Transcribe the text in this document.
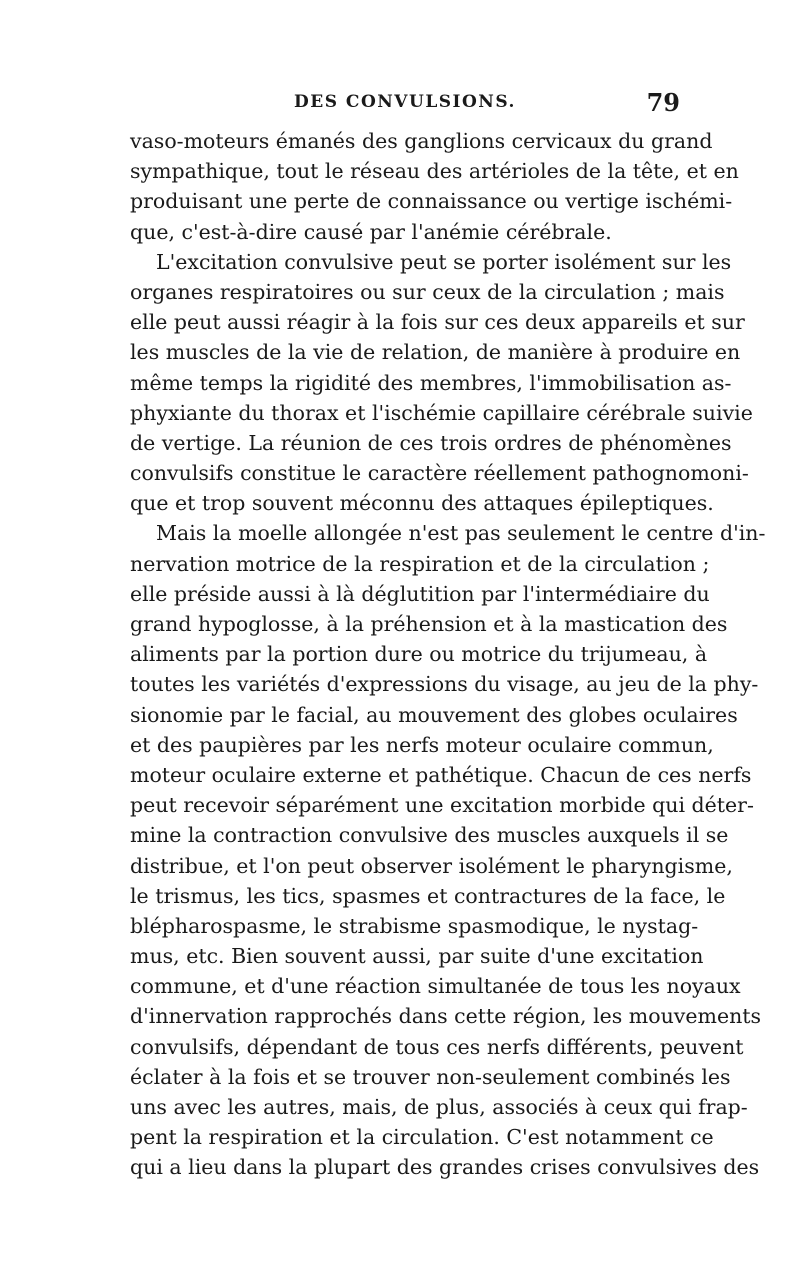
DES CONVULSIONS.	79
vaso-moteurs émanés des ganglions cervicaux du grand
sympathique, tout le réseau des artérioles de la tête, et en
produisant une perte de connaissance ou vertige ischémi-
que, c'est-à-dire causé par l'anémie cérébrale.
L'excitation convulsive peut se porter isolément sur les
organes respiratoires ou sur ceux de la circulation ; mais
elle peut aussi réagir à la fois sur ces deux appareils et sur
les muscles de la vie de relation, de manière à produire en
même temps la rigidité des membres, l'immobilisation as-
phyxiante du thorax et l'ischémie capillaire cérébrale suivie
de vertige. La réunion de ces trois ordres de phénomènes
convulsifs constitue le caractère réellement pathognomoni-
que et trop souvent méconnu des attaques épileptiques.
Mais la moelle allongée n'est pas seulement le centre d'in-
nervation motrice de la respiration et de la circulation ;
elle préside aussi à là déglutition par l'intermédiaire du
grand hypoglosse, à la préhension et à la mastication des
aliments par la portion dure ou motrice du trijumeau, à
toutes les variétés d'expressions du visage, au jeu de la phy-
sionomie par le facial, au mouvement des globes oculaires
et des paupières par les nerfs moteur oculaire commun,
moteur oculaire externe et pathétique. Chacun de ces nerfs
peut recevoir séparément une excitation morbide qui déter-
mine la contraction convulsive des muscles auxquels il se
distribue, et l'on peut observer isolément le pharyngisme,
le trismus, les tics, spasmes et contractures de la face, le
blépharospasme, le strabisme spasmodique, le nystag-
mus, etc. Bien souvent aussi, par suite d'une excitation
commune, et d'une réaction simultanée de tous les noyaux
d'innervation rapprochés dans cette région, les mouvements
convulsifs, dépendant de tous ces nerfs différents, peuvent
éclater à la fois et se trouver non-seulement combinés les
uns avec les autres, mais, de plus, associés à ceux qui frap-
pent la respiration et la circulation. C'est notamment ce
qui a lieu dans la plupart des grandes crises convulsives des
